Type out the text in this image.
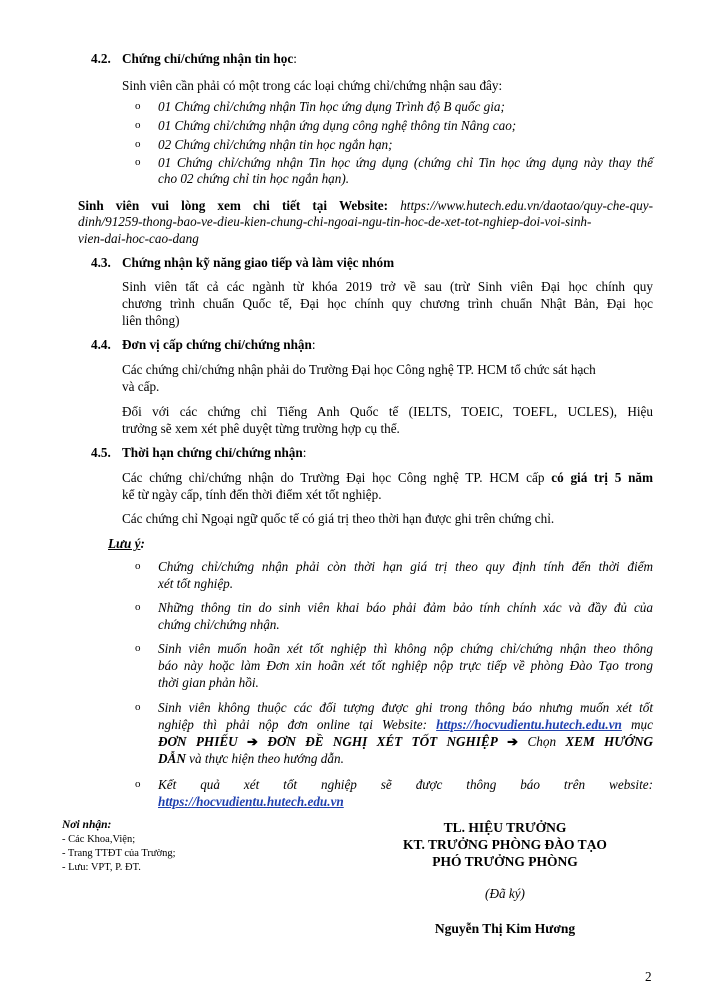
4.2. Chứng chỉ/chứng nhận tin học:
Sinh viên cần phải có một trong các loại chứng chỉ/chứng nhận sau đây:
o 01 Chứng chỉ/chứng nhận Tin học ứng dụng Trình độ B quốc gia;
o 01 Chứng chỉ/chứng nhận ứng dụng công nghệ thông tin Nâng cao;
o 02 Chứng chỉ/chứng nhận tin học ngắn hạn;
o 01 Chứng chỉ/chứng nhận Tin học ứng dụng (chứng chỉ Tin học ứng dụng này thay thế
cho 02 chứng chỉ tin học ngắn hạn).
Sinh viên vui lòng xem chi tiết tại Website: https://www.hutech.edu.vn/daotao/quy-che-quy-
dinh/91259-thong-bao-ve-dieu-kien-chung-chi-ngoai-ngu-tin-hoc-de-xet-tot-nghiep-doi-voi-sinh-
vien-dai-hoc-cao-dang
4.3. Chứng nhận kỹ năng giao tiếp và làm việc nhóm
Sinh viên tất cả các ngành từ khóa 2019 trở về sau (trừ Sinh viên Đại học chính quy
chương trình chuẩn Quốc tế, Đại học chính quy chương trình chuẩn Nhật Bản, Đại học
liên thông)
4.4. Đơn vị cấp chứng chỉ/chứng nhận:
Các chứng chỉ/chứng nhận phải do Trường Đại học Công nghệ TP. HCM tổ chức sát hạch
và cấp.
Đối với các chứng chỉ Tiếng Anh Quốc tế (IELTS, TOEIC, TOEFL, UCLES), Hiệu
trưởng sẽ xem xét phê duyệt từng trường hợp cụ thể.
4.5. Thời hạn chứng chỉ/chứng nhận:
Các chứng chỉ/chứng nhận do Trường Đại học Công nghệ TP. HCM cấp có giá trị 5 năm
kể từ ngày cấp, tính đến thời điểm xét tốt nghiệp.
Các chứng chỉ Ngoại ngữ quốc tế có giá trị theo thời hạn được ghi trên chứng chỉ.
Lưu ý:
o Chứng chỉ/chứng nhận phải còn thời hạn giá trị theo quy định tính đến thời điểm
xét tốt nghiệp.
o Những thông tin do sinh viên khai báo phải đảm bảo tính chính xác và đầy đủ của
chứng chỉ/chứng nhận.
o Sinh viên muốn hoãn xét tốt nghiệp thì không nộp chứng chỉ/chứng nhận theo thông
báo này hoặc làm Đơn xin hoãn xét tốt nghiệp nộp trực tiếp về phòng Đào Tạo trong
thời gian phản hồi.
o Sinh viên không thuộc các đối tượng được ghi trong thông báo nhưng muốn xét tốt
nghiệp thì phải nộp đơn online tại Website: https://hocvudientu.hutech.edu.vn mục
ĐƠN PHIẾU ➔ ĐƠN ĐỀ NGHỊ XÉT TỐT NGHIỆP ➔ Chọn XEM HƯỚNG
DẪN và thực hiện theo hướng dẫn.
o Kết quả xét tốt nghiệp sẽ được thông báo trên website:
https://hocvudientu.hutech.edu.vn
Nơi nhận:
- Các Khoa,Viện;
- Trang TTĐT của Trường;
- Lưu: VPT, P. ĐT.
TL. HIỆU TRƯỞNG
KT. TRƯỞNG PHÒNG ĐÀO TẠO
PHÓ TRƯỞNG PHÒNG
(Đã ký)
Nguyễn Thị Kim Hương
2
